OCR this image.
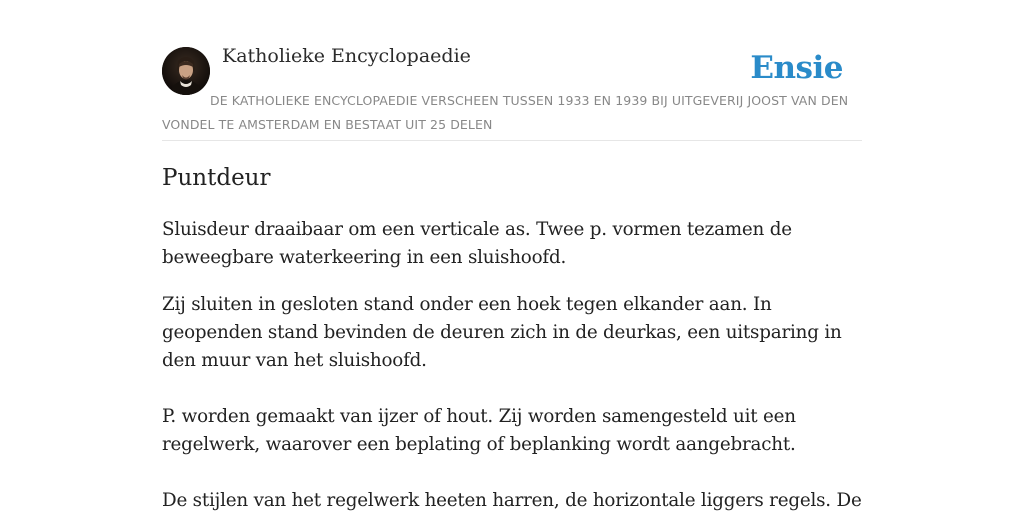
Katholieke Encyclopaedie	Ensie
DE KATHOLIEKE ENCYCLOPAEDIE VERSCHEEN TUSSEN 1933 EN 1939 BIJ UITGEVERIJ JOOST VAN DEN VONDEL TE AMSTERDAM EN BESTAAT UIT 25 DELEN
Puntdeur

Sluisdeur draaibaar om een verticale as. Twee p. vormen tezamen de beweegbare waterkeering in een sluishoofd.

Zij sluiten in gesloten stand onder een hoek tegen elkander aan. In geopenden stand bevinden de deuren zich in de deurkas, een uitsparing in den muur van het sluishoofd.

P. worden gemaakt van ijzer of hout. Zij worden samengesteld uit een regelwerk, waarover een beplating of beplanking wordt aangebracht.

De stijlen van het regelwerk heeten harren, de horizontale liggers regels. De
